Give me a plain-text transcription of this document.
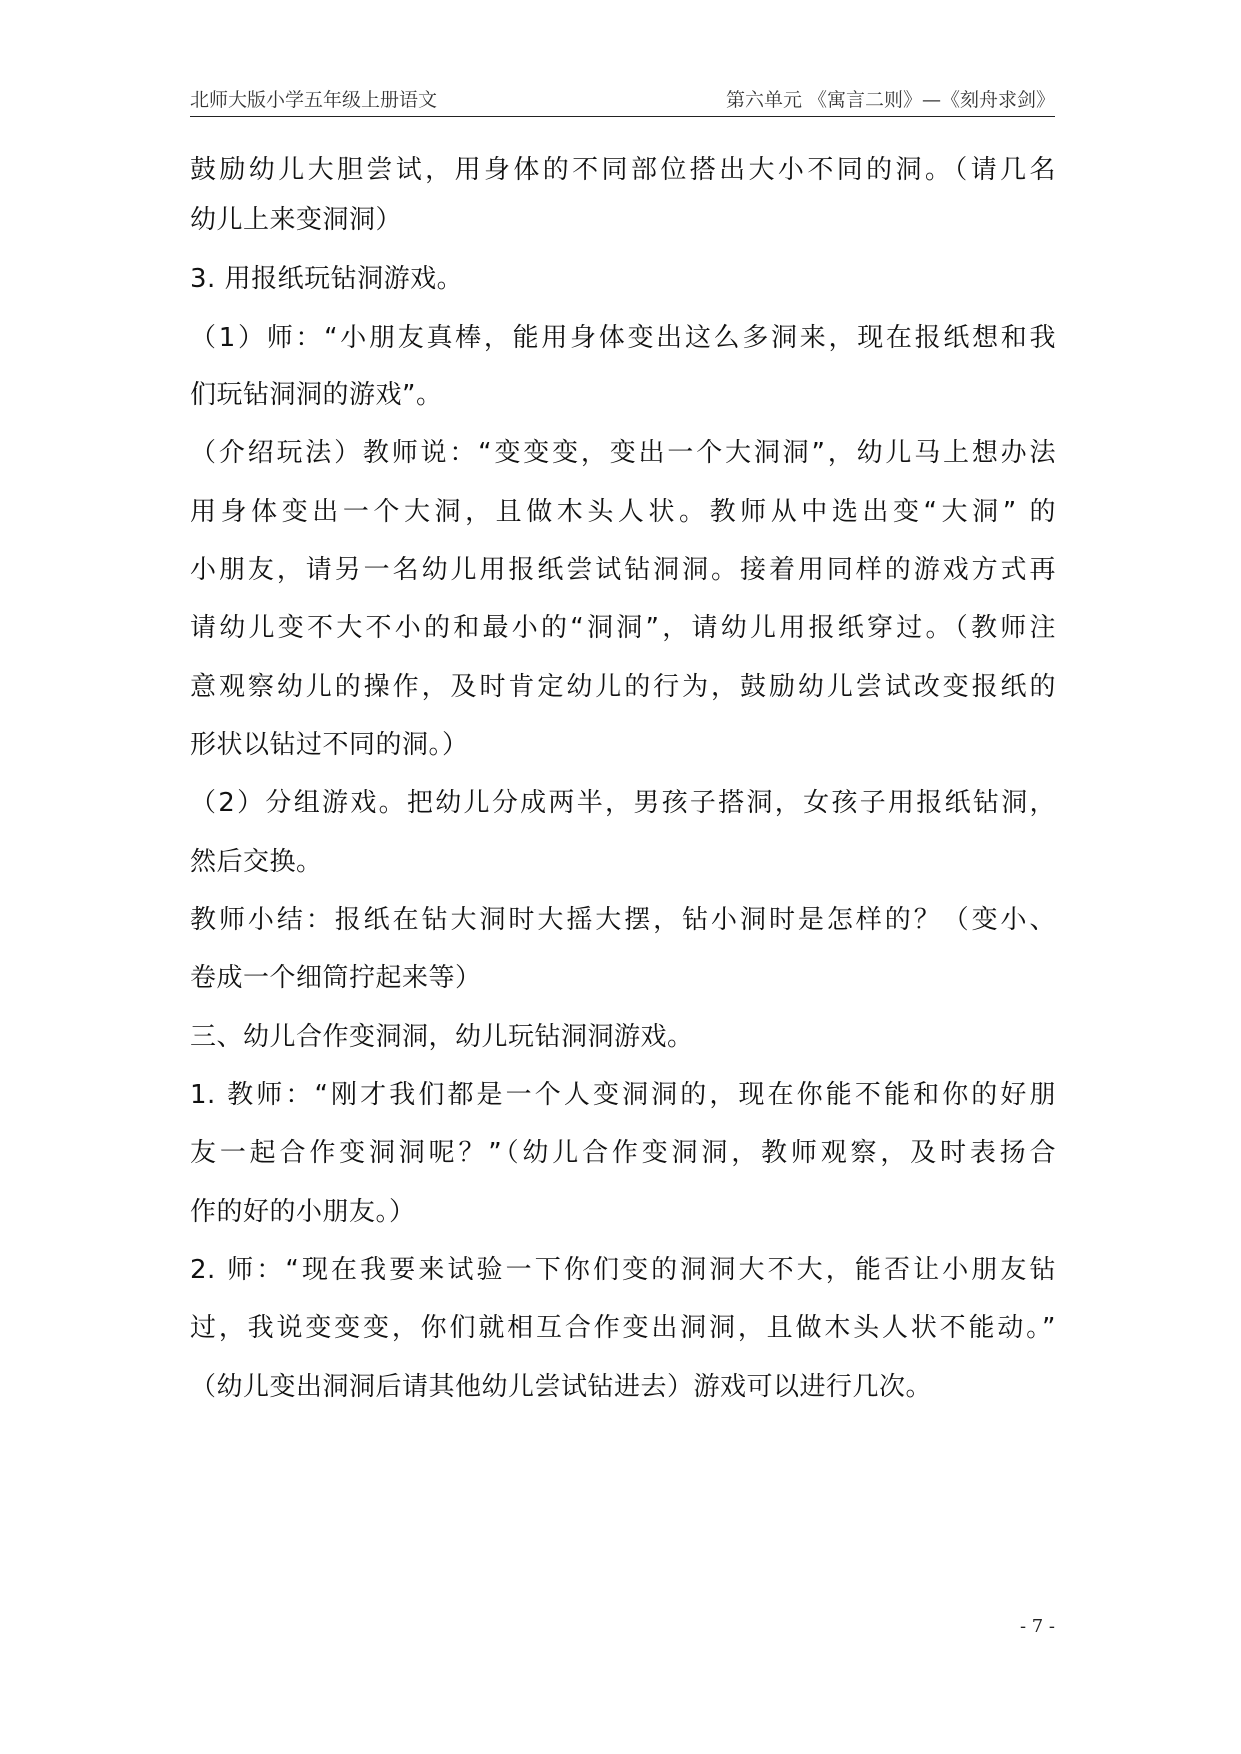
北师大版小学五年级上册语文	第六单元 《寓言二则》—《刻舟求剑》
鼓励幼儿大胆尝试，用身体的不同部位搭出大小不同的洞。（请几名
幼儿上来变洞洞）
3. 用报纸玩钻洞游戏。
（1）师：“小朋友真棒，能用身体变出这么多洞来，现在报纸想和我
们玩钻洞洞的游戏”。
（介绍玩法）教师说：“变变变，变出一个大洞洞”，幼儿马上想办法
用身体变出一个大洞，且做木头人状。教师从中选出变“大洞” 的
小朋友，请另一名幼儿用报纸尝试钻洞洞。接着用同样的游戏方式再
请幼儿变不大不小的和最小的“洞洞”，请幼儿用报纸穿过。（教师注
意观察幼儿的操作，及时肯定幼儿的行为，鼓励幼儿尝试改变报纸的
形状以钻过不同的洞。）
（2）分组游戏。把幼儿分成两半，男孩子搭洞，女孩子用报纸钻洞，
然后交换。
教师小结：报纸在钻大洞时大摇大摆，钻小洞时是怎样的？（变小、
卷成一个细筒拧起来等）
三、幼儿合作变洞洞，幼儿玩钻洞洞游戏。
1. 教师：“刚才我们都是一个人变洞洞的，现在你能不能和你的好朋
友一起合作变洞洞呢？”（幼儿合作变洞洞，教师观察，及时表扬合
作的好的小朋友。）
2. 师：“现在我要来试验一下你们变的洞洞大不大，能否让小朋友钻
过，我说变变变，你们就相互合作变出洞洞，且做木头人状不能动。”
（幼儿变出洞洞后请其他幼儿尝试钻进去）游戏可以进行几次。
- 7 -
